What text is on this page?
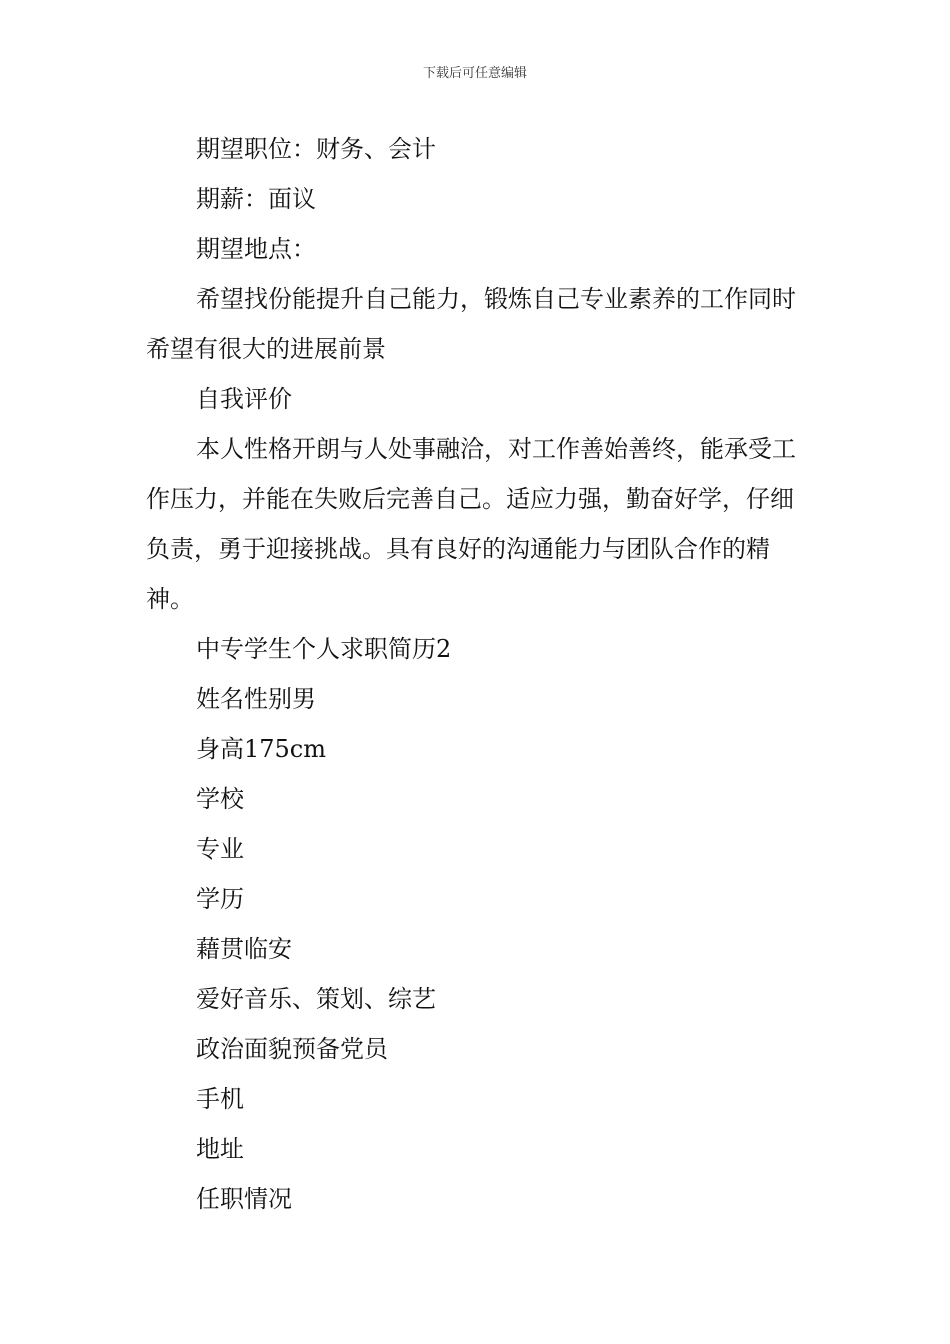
下载后可任意编辑

期望职位：财务、会计

期薪：面议

期望地点：

希望找份能提升自己能力，锻炼自己专业素养的工作同时希望有很大的进展前景

自我评价

本人性格开朗与人处事融洽，对工作善始善终，能承受工作压力，并能在失败后完善自己。适应力强，勤奋好学，仔细负责，勇于迎接挑战。具有良好的沟通能力与团队合作的精神。

中专学生个人求职简历2

姓名性别男

身高175cm

学校

专业

学历

藉贯临安

爱好音乐、策划、综艺

政治面貌预备党员

手机

地址

任职情况
